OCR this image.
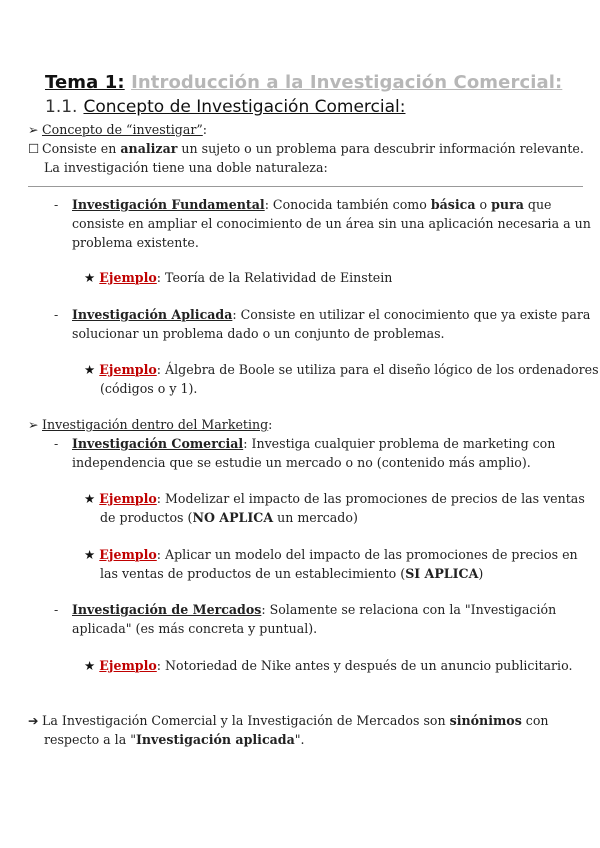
Tema 1: Introducción a la Investigación Comercial:
1.1. Concepto de Investigación Comercial:
➢ Concepto de “investigar”:
☐ Consiste en analizar un sujeto o un problema para descubrir información relevante.
La investigación tiene una doble naturaleza:
- Investigación Fundamental: Conocida también como básica o pura que
consiste en ampliar el conocimiento de un área sin una aplicación necesaria a un
problema existente.
★ Ejemplo: Teoría de la Relatividad de Einstein
- Investigación Aplicada: Consiste en utilizar el conocimiento que ya existe para
solucionar un problema dado o un conjunto de problemas.
★ Ejemplo: Álgebra de Boole se utiliza para el diseño lógico de los ordenadores
(códigos o y 1).
➢ Investigación dentro del Marketing:
- Investigación Comercial: Investiga cualquier problema de marketing con
independencia que se estudie un mercado o no (contenido más amplio).
★ Ejemplo: Modelizar el impacto de las promociones de precios de las ventas
de productos (NO APLICA un mercado)
★ Ejemplo: Aplicar un modelo del impacto de las promociones de precios en
las ventas de productos de un establecimiento (SI APLICA)
- Investigación de Mercados: Solamente se relaciona con la "Investigación
aplicada" (es más concreta y puntual).
★ Ejemplo: Notoriedad de Nike antes y después de un anuncio publicitario.
➔ La Investigación Comercial y la Investigación de Mercados son sinónimos con
respecto a la "Investigación aplicada".
